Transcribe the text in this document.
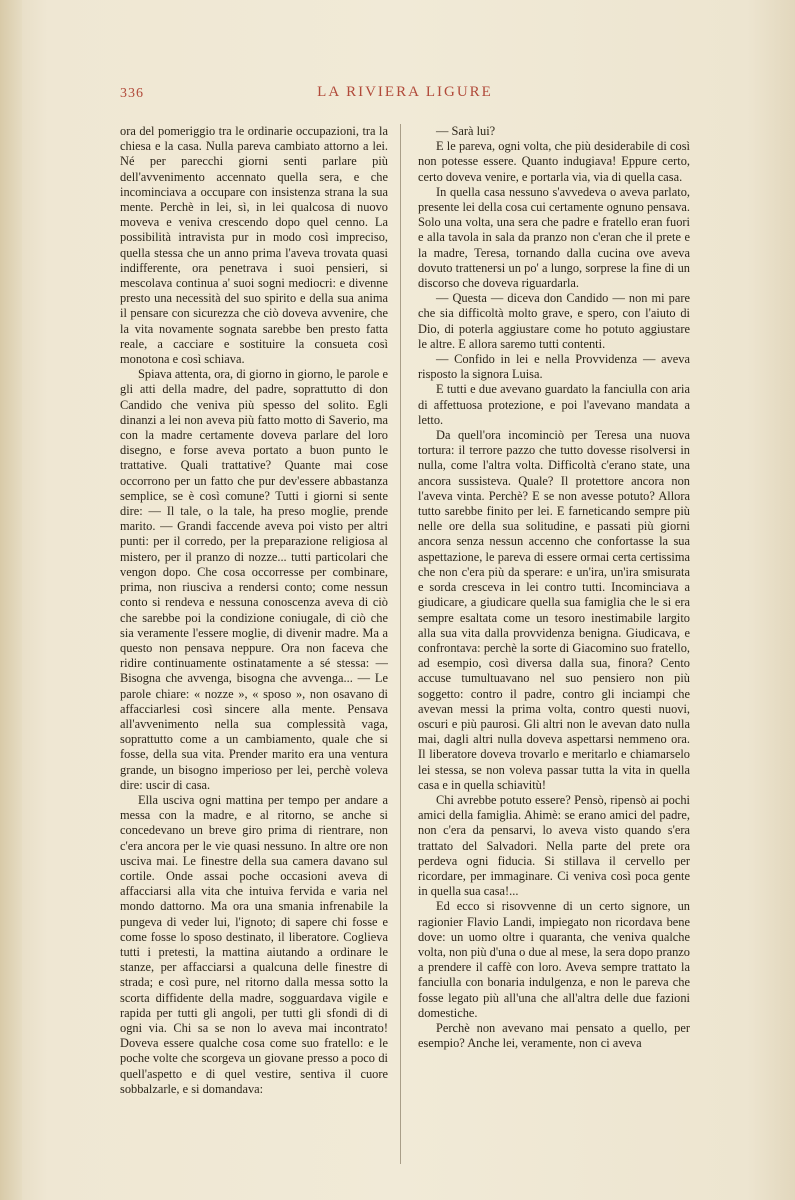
336	LA RIVIERA LIGURE

ora del pomeriggio tra le ordinarie occupazioni, tra la chiesa e la casa. Nulla pareva cambiato attorno a lei. Né per parecchi giorni senti parlare più dell'avvenimento accennato quella sera, e che incominciava a occupare con insistenza strana la sua mente. Perchè in lei, sì, in lei qualcosa di nuovo moveva e veniva crescendo dopo quel cenno. La possibilità intravista pur in modo così impreciso, quella stessa che un anno prima l'aveva trovata quasi indifferente, ora penetrava i suoi pensieri, si mescolava continua a' suoi sogni mediocri: e divenne presto una necessità del suo spirito e della sua anima il pensare con sicurezza che ciò doveva avvenire, che la vita novamente sognata sarebbe ben presto fatta reale, a cacciare e sostituire la consueta così monotona e così schiava.

Spiava attenta, ora, di giorno in giorno, le parole e gli atti della madre, del padre, soprattutto di don Candido che veniva più spesso del solito. Egli dinanzi a lei non aveva più fatto motto di Saverio, ma con la madre certamente doveva parlare del loro disegno, e forse aveva portato a buon punto le trattative. Quali trattative? Quante mai cose occorrono per un fatto che pur dev'essere abbastanza semplice, se è così comune? Tutti i giorni si sente dire: — Il tale, o la tale, ha preso moglie, prende marito. — Grandi faccende aveva poi visto per altri punti: per il corredo, per la preparazione religiosa al mistero, per il pranzo di nozze... tutti particolari che vengon dopo. Che cosa occorresse per combinare, prima, non riusciva a rendersi conto; come nessun conto si rendeva e nessuna conoscenza aveva di ciò che sarebbe poi la condizione coniugale, di ciò che sia veramente l'essere moglie, di divenir madre. Ma a questo non pensava neppure. Ora non faceva che ridire continuamente ostinatamente a sé stessa: — Bisogna che avvenga, bisogna che avvenga... — Le parole chiare: « nozze », « sposo », non osavano di affacciarlesi così sincere alla mente. Pensava all'avvenimento nella sua complessità vaga, soprattutto come a un cambiamento, quale che si fosse, della sua vita. Prender marito era una ventura grande, un bisogno imperioso per lei, perchè voleva dire: uscir di casa.

Ella usciva ogni mattina per tempo per andare a messa con la madre, e al ritorno, se anche si concedevano un breve giro prima di rientrare, non c'era ancora per le vie quasi nessuno. In altre ore non usciva mai. Le finestre della sua camera davano sul cortile. Onde assai poche occasioni aveva di affacciarsi alla vita che intuiva fervida e varia nel mondo dattorno. Ma ora una smania infrenabile la pungeva di veder lui, l'ignoto; di sapere chi fosse e come fosse lo sposo destinato, il liberatore. Coglieva tutti i pretesti, la mattina aiutando a ordinare le stanze, per affacciarsi a qualcuna delle finestre di strada; e così pure, nel ritorno dalla messa sotto la scorta diffidente della madre, sogguardava vigile e rapida per tutti gli angoli, per tutti gli sfondi di di ogni via. Chi sa se non lo aveva mai incontrato! Doveva essere qualche cosa come suo fratello: e le poche volte che scorgeva un giovane presso a poco di quell'aspetto e di quel vestire, sentiva il cuore sobbalzarle, e si domandava:

— Sarà lui?

E le pareva, ogni volta, che più desiderabile di così non potesse essere. Quanto indugiava! Eppure certo, certo doveva venire, e portarla via, via di quella casa.

In quella casa nessuno s'avvedeva o aveva parlato, presente lei della cosa cui certamente ognuno pensava. Solo una volta, una sera che padre e fratello eran fuori e alla tavola in sala da pranzo non c'eran che il prete e la madre, Teresa, tornando dalla cucina ove aveva dovuto trattenersi un po' a lungo, sorprese la fine di un discorso che doveva riguardarla.

— Questa — diceva don Candido — non mi pare che sia difficoltà molto grave, e spero, con l'aiuto di Dio, di poterla aggiustare come ho potuto aggiustare le altre. E allora saremo tutti contenti.

— Confido in lei e nella Provvidenza — aveva risposto la signora Luisa.

E tutti e due avevano guardato la fanciulla con aria di affettuosa protezione, e poi l'avevano mandata a letto.

Da quell'ora incominciò per Teresa una nuova tortura: il terrore pazzo che tutto dovesse risolversi in nulla, come l'altra volta. Difficoltà c'erano state, una ancora sussisteva. Quale? Il protettore ancora non l'aveva vinta. Perchè? E se non avesse potuto? Allora tutto sarebbe finito per lei. E farneticando sempre più nelle ore della sua solitudine, e passati più giorni ancora senza nessun accenno che confortasse la sua aspettazione, le pareva di essere ormai certa certissima che non c'era più da sperare: e un'ira, un'ira smisurata e sorda cresceva in lei contro tutti. Incominciava a giudicare, a giudicare quella sua famiglia che le si era sempre esaltata come un tesoro inestimabile largito alla sua vita dalla provvidenza benigna. Giudicava, e confrontava: perchè la sorte di Giacomino suo fratello, ad esempio, così diversa dalla sua, finora? Cento accuse tumultuavano nel suo pensiero non più soggetto: contro il padre, contro gli inciampi che avevan messi la prima volta, contro questi nuovi, oscuri e più paurosi. Gli altri non le avevan dato nulla mai, dagli altri nulla doveva aspettarsi nemmeno ora. Il liberatore doveva trovarlo e meritarlo e chiamarselo lei stessa, se non voleva passar tutta la vita in quella casa e in quella schiavitù!

Chi avrebbe potuto essere? Pensò, ripensò ai pochi amici della famiglia. Ahimè: se erano amici del padre, non c'era da pensarvi, lo aveva visto quando s'era trattato del Salvadori. Nella parte del prete ora perdeva ogni fiducia. Si stillava il cervello per ricordare, per immaginare. Ci veniva così poca gente in quella sua casa!...

Ed ecco si risovvenne di un certo signore, un ragionier Flavio Landi, impiegato non ricordava bene dove: un uomo oltre i quaranta, che veniva qualche volta, non più d'una o due al mese, la sera dopo pranzo a prendere il caffè con loro. Aveva sempre trattato la fanciulla con bonaria indulgenza, e non le pareva che fosse legato più all'una che all'altra delle due fazioni domestiche.

Perchè non avevano mai pensato a quello, per esempio? Anche lei, veramente, non ci aveva
